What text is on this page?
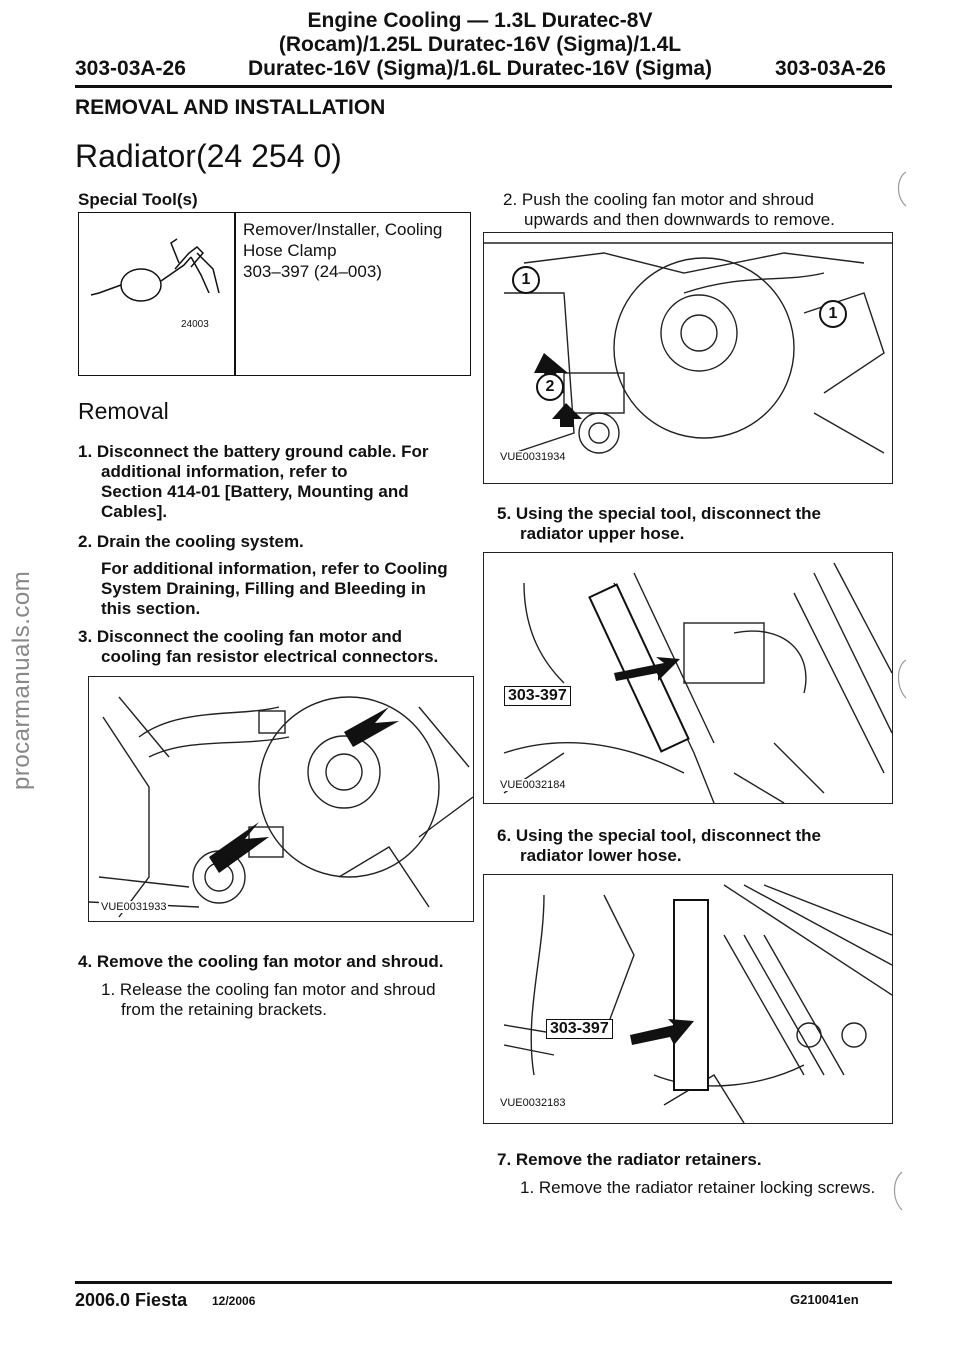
Engine Cooling — 1.3L Duratec-8V
(Rocam)/1.25L Duratec-16V (Sigma)/1.4L
Duratec-16V (Sigma)/1.6L Duratec-16V (Sigma)
303-03A-26	303-03A-26
REMOVAL AND INSTALLATION
Radiator(24 254 0)
Special Tool(s)
24003
Remover/Installer, Cooling
Hose Clamp
303–397 (24–003)
Removal
1. Disconnect the battery ground cable. For
additional information, refer to
Section 414-01 [Battery, Mounting and
Cables].
2. Drain the cooling system.
For additional information, refer to Cooling
System Draining, Filling and Bleeding in
this section.
3. Disconnect the cooling fan motor and
cooling fan resistor electrical connectors.
VUE0031933
4. Remove the cooling fan motor and shroud.
1. Release the cooling fan motor and shroud
from the retaining brackets.
2. Push the cooling fan motor and shroud
upwards and then downwards to remove.
1
1
2
VUE0031934
5. Using the special tool, disconnect the
radiator upper hose.
303-397
VUE0032184
6. Using the special tool, disconnect the
radiator lower hose.
303-397
VUE0032183
7. Remove the radiator retainers.
1. Remove the radiator retainer locking screws.
2006.0 Fiesta 12/2006	G210041en
procarmanuals.com
